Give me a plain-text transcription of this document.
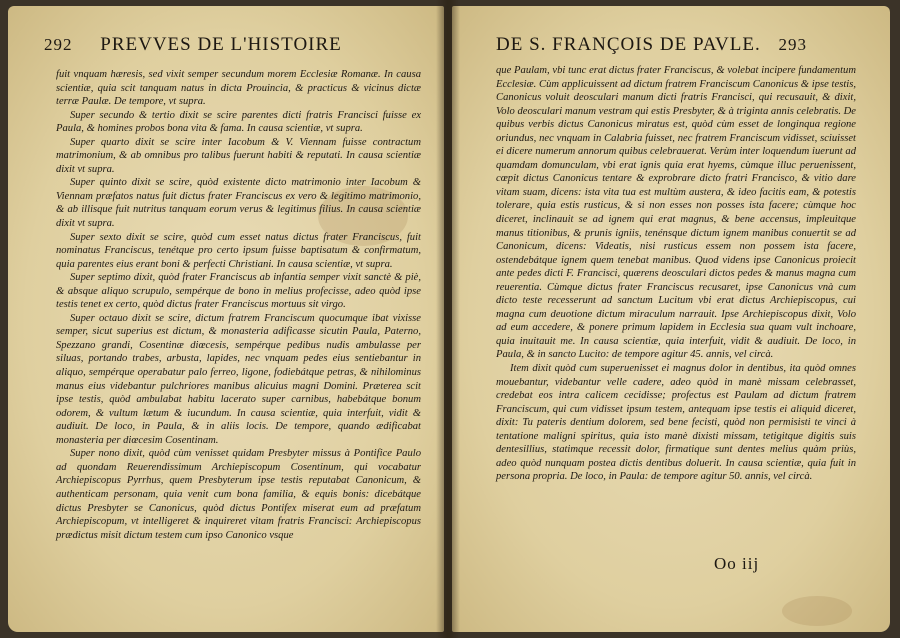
292 PREVVES DE L'HISTOIRE

fuit vnquam hæresis, sed vixit semper secundum morem Ecclesiæ Romanæ. In causa scientiæ, quia scit tanquam natus in dicta Prouincia, & practicus & vicinus dictæ terræ Paulæ. De tempore, vt supra.

Super secundo & tertio dixit se scire parentes dicti fratris Francisci fuisse ex Paula, & homines probos bona vita & fama. In causa scientiæ, vt supra.

Super quarto dixit se scire inter Iacobum & V. Viennam fuisse contractum matrimonium, & ab omnibus pro talibus fuerunt habiti & reputati. In causa scientiæ dixit vt supra.

Super quinto dixit se scire, quòd existente dicto matrimonio inter Iacobum & Viennam præfatos natus fuit dictus frater Franciscus ex vero & legitimo matrimonio, & ab illisque fuit nutritus tanquam eorum verus & legitimus filius. In causa scientiæ dixit vt supra.

Super sexto dixit se scire, quòd cum esset natus dictus frater Franciscus, fuit nominatus Franciscus, tenétque pro certo ipsum fuisse baptisatum & confirmatum, quia parentes eius erant boni & perfecti Christiani. In causa scientiæ, vt supra.

Super septimo dixit, quòd frater Franciscus ab infantia semper vixit sanctè & piè, & absque aliquo scrupulo, sempérque de bono in melius profecisse, adeo quòd ipse testis tenet ex certo, quòd dictus frater Franciscus mortuus sit virgo.

Super octauo dixit se scire, dictum fratrem Franciscum quocumque ibat vixisse semper, sicut superius est dictum, & monasteria adificasse sicutin Paula, Paterno, Spezzano grandi, Cosentinæ diœcesis, sempérque pedibus nudis ambulasse per siluas, portando trabes, arbusta, lapides, nec vnquam pedes eius sentiebantur in aliquo, sempérque operabatur palo ferreo, ligone, fodiebátque petras, & nihilominus manus eius videbantur pulchriores manibus alicuius magni Domini. Præterea scit ipse testis, quòd ambulabat habitu lacerato super carnibus, habebátque bonum odorem, & vultum lætum & iucundum. In causa scientiæ, quia interfuit, vidit & audiuit. De loco, in Paula, & in aliis locis. De tempore, quando ædificabat monasteria per diœcesim Cosentinam.

Super nono dixit, quòd cùm venisset quidam Presbyter missus à Pontifice Paulo ad quondam Reuerendissimum Archiepiscopum Cosentinum, qui vocabatur Archiepiscopus Pyrrhus, quem Presbyterum ipse testis reputabat Canonicum, & authenticam personam, quia venit cum bona familia, & equis bonis: dicebátque dictus Presbyter se Canonicus, quòd dictus Pontifex miserat eum ad præfatum Archiepiscopum, vt intelligeret & inquireret vitam fratris Francisci: Archiepiscopus prædictus misit dictum testem cum ipso Canonico vsque

DE S. FRANÇOIS DE PAVLE. 293

que Paulam, vbi tunc erat dictus frater Franciscus, & volebat incipere fundamentum Ecclesiæ. Cùm applicuissent ad dictum fratrem Franciscum Canonicus & ipse testis, Canonicus voluit deosculari manum dicti fratris Francisci, qui recusauit, & dixit, Volo deosculari manum vestram qui estis Presbyter, & à triginta annis celebratis. De quibus verbis dictus Canonicus miratus est, quòd cùm esset de longinqua regione oriundus, nec vnquam in Calabria fuisset, nec fratrem Franciscum vidisset, sciuisset ei dicere numerum annorum quibus celebrauerat. Verùm inter loquendum iuerunt ad quamdam domunculam, vbi erat ignis quia erat hyems, cùmque illuc peruenissent, cœpit dictus Canonicus tentare & exprobrare dicto fratri Francisco, & vitio dare vitam suam, dicens: ista vita tua est multùm austera, & ideo facitis eam, & potestis tolerare, quia estis rusticus, & si non esses non posses ista facere; cùmque hoc diceret, inclinauit se ad ignem qui erat magnus, & bene accensus, impleuitque manus titionibus, & prunis igniis, tenénsque dictum ignem manibus conuertit se ad Canonicum, dicens: Videatis, nisi rusticus essem non possem ista facere, ostendebátque ignem quem tenebat manibus. Quod videns ipse Canonicus proiecit ante pedes dicti F. Francisci, quærens deosculari dictos pedes & manus magna cum reuerentia. Cùmque dictus frater Franciscus recusaret, ipse Canonicus vnà cum dicto teste recesserunt ad sanctum Lucitum vbi erat dictus Archiepiscopus, cui magna cum deuotione dictum miraculum narrauit. Ipse Archiepiscopus dixit, Volo ad eum accedere, & ponere primum lapidem in Ecclesia sua quam vult inchoare, quia inuitauit me. In causa scientiæ, quia interfuit, vidit & audiuit. De loco, in Paula, & in sancto Lucito: de tempore agitur 45. annis, vel circà.

Item dixit quòd cum superuenisset ei magnus dolor in dentibus, ita quòd omnes mouebantur, videbantur velle cadere, adeo quòd in manè missam celebrasset, credebat eos intra calicem cecidisse; profectus est Paulam ad dictum fratrem Franciscum, qui cum vidisset ipsum testem, antequam ipse testis ei aliquid diceret, dixit: Tu pateris dentium dolorem, sed bene fecisti, quòd non permisisti te vinci à tentatione maligni spiritus, quia isto manè dixisti missam, tetigitque digitis suis dentesillius, statimque recessit dolor, firmatique sunt dentes melius quàm priùs, adeo quòd nunquam postea dictis dentibus doluerit. In causa scientiæ, quia fuit in persona propria. De loco, in Paula: de tempore agitur 50. annis, vel circà.

Oo iij
